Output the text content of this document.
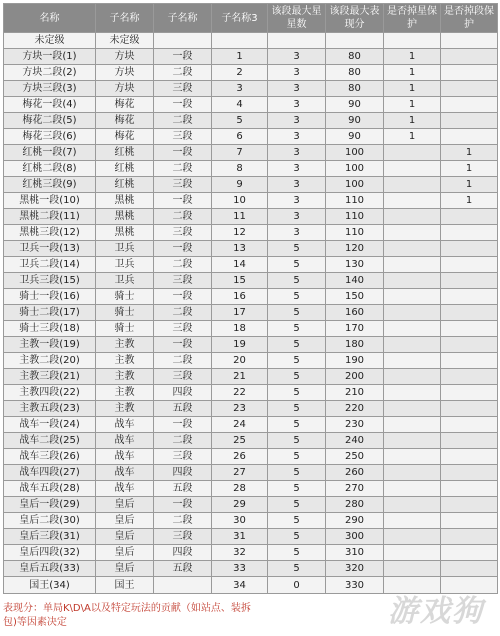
名称	子名称	子名称	子名称3	该段最大星星数	该段最大表现分	是否掉星保护	是否掉段保护
未定级	未定级						
方块一段(1)	方块	一段	1	3	80	1	
方块二段(2)	方块	二段	2	3	80	1	
方块三段(3)	方块	三段	3	3	80	1	
梅花一段(4)	梅花	一段	4	3	90	1	
梅花二段(5)	梅花	二段	5	3	90	1	
梅花三段(6)	梅花	三段	6	3	90	1	
红桃一段(7)	红桃	一段	7	3	100		1
红桃二段(8)	红桃	二段	8	3	100		1
红桃三段(9)	红桃	三段	9	3	100		1
黑桃一段(10)	黑桃	一段	10	3	110		1
黑桃二段(11)	黑桃	二段	11	3	110		
黑桃三段(12)	黑桃	三段	12	3	110		
卫兵一段(13)	卫兵	一段	13	5	120		
卫兵二段(14)	卫兵	二段	14	5	130		
卫兵三段(15)	卫兵	三段	15	5	140		
骑士一段(16)	骑士	一段	16	5	150		
骑士二段(17)	骑士	二段	17	5	160		
骑士三段(18)	骑士	三段	18	5	170		
主教一段(19)	主教	一段	19	5	180		
主教二段(20)	主教	二段	20	5	190		
主教三段(21)	主教	三段	21	5	200		
主教四段(22)	主教	四段	22	5	210		
主教五段(23)	主教	五段	23	5	220		
战车一段(24)	战车	一段	24	5	230		
战车二段(25)	战车	二段	25	5	240		
战车三段(26)	战车	三段	26	5	250		
战车四段(27)	战车	四段	27	5	260		
战车五段(28)	战车	五段	28	5	270		
皇后一段(29)	皇后	一段	29	5	280		
皇后二段(30)	皇后	二段	30	5	290		
皇后三段(31)	皇后	三段	31	5	300		
皇后四段(32)	皇后	四段	32	5	310		
皇后五段(33)	皇后	五段	33	5	320		
国王(34)	国王		34	0	330		
表现分：单局K\D\A以及特定玩法的贡献（如站点、装拆包)等因素决定	游戏狗
